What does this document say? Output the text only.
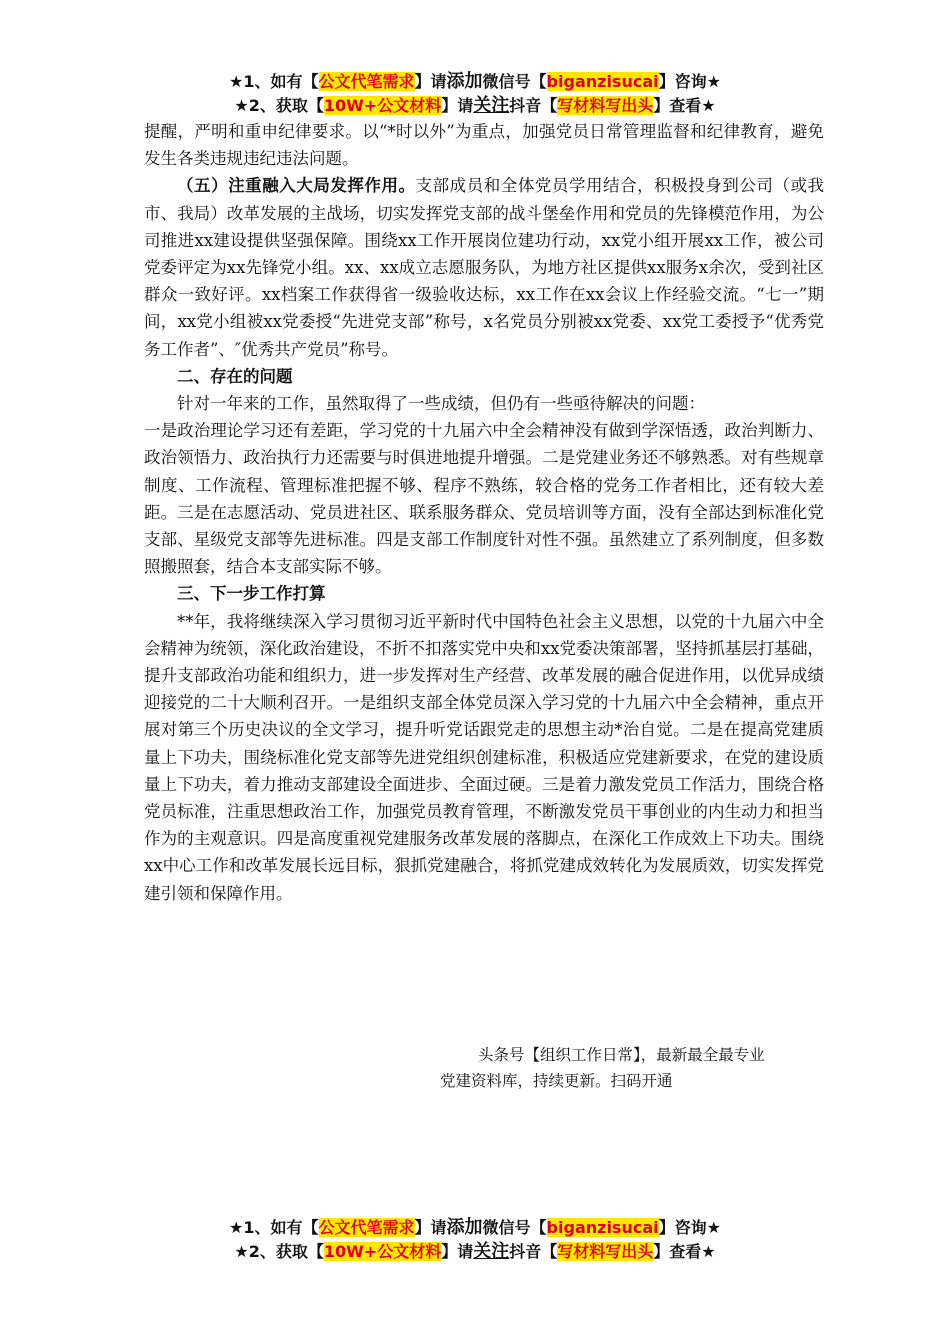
★1、如有【公文代笔需求】请添加微信号【biganzisucai】咨询★
★2、获取【10W+公文材料】请关注抖音【写材料写出头】查看★

提醒，严明和重申纪律要求。以“*时以外”为重点，加强党员日常管理监督和纪律教育，避免发生各类违规违纪违法问题。

（五）注重融入大局发挥作用。支部成员和全体党员学用结合，积极投身到公司（或我市、我局）改革发展的主战场，切实发挥党支部的战斗堡垒作用和党员的先锋模范作用，为公司推进xx建设提供坚强保障。围绕xx工作开展岗位建功行动，xx党小组开展xx工作，被公司党委评定为xx先锋党小组。xx、xx成立志愿服务队，为地方社区提供xx服务x余次，受到社区群众一致好评。xx档案工作获得省一级验收达标，xx工作在xx会议上作经验交流。“七一”期间，xx党小组被xx党委授“先进党支部”称号，x名党员分别被xx党委、xx党工委授予“优秀党务工作者”、″优秀共产党员”称号。

二、存在的问题

针对一年来的工作，虽然取得了一些成绩，但仍有一些亟待解决的问题：

一是政治理论学习还有差距，学习党的十九届六中全会精神没有做到学深悟透，政治判断力、政治领悟力、政治执行力还需要与时俱进地提升增强。二是党建业务还不够熟悉。对有些规章制度、工作流程、管理标准把握不够、程序不熟练，较合格的党务工作者相比，还有较大差距。三是在志愿活动、党员进社区、联系服务群众、党员培训等方面，没有全部达到标准化党支部、星级党支部等先进标准。四是支部工作制度针对性不强。虽然建立了系列制度，但多数照搬照套，结合本支部实际不够。

三、下一步工作打算

**年，我将继续深入学习贯彻习近平新时代中国特色社会主义思想，以党的十九届六中全会精神为统领，深化政治建设，不折不扣落实党中央和xx党委决策部署，坚持抓基层打基础，提升支部政治功能和组织力，进一步发挥对生产经营、改革发展的融合促进作用，以优异成绩迎接党的二十大顺利召开。一是组织支部全体党员深入学习党的十九届六中全会精神，重点开展对第三个历史决议的全文学习，提升听党话跟党走的思想主动*治自觉。二是在提高党建质量上下功夫，围绕标准化党支部等先进党组织创建标准，积极适应党建新要求，在党的建设质量上下功夫，着力推动支部建设全面进步、全面过硬。三是着力激发党员工作活力，围绕合格党员标准，注重思想政治工作，加强党员教育管理，不断激发党员干事创业的内生动力和担当作为的主观意识。四是高度重视党建服务改革发展的落脚点，在深化工作成效上下功夫。围绕xx中心工作和改革发展长远目标，狠抓党建融合，将抓党建成效转化为发展质效，切实发挥党建引领和保障作用。

头条号【组织工作日常】，最新最全最专业
党建资料库，持续更新。扫码开通
★1、如有【公文代笔需求】请添加微信号【biganzisucai】咨询★
★2、获取【10W+公文材料】请关注抖音【写材料写出头】查看★
